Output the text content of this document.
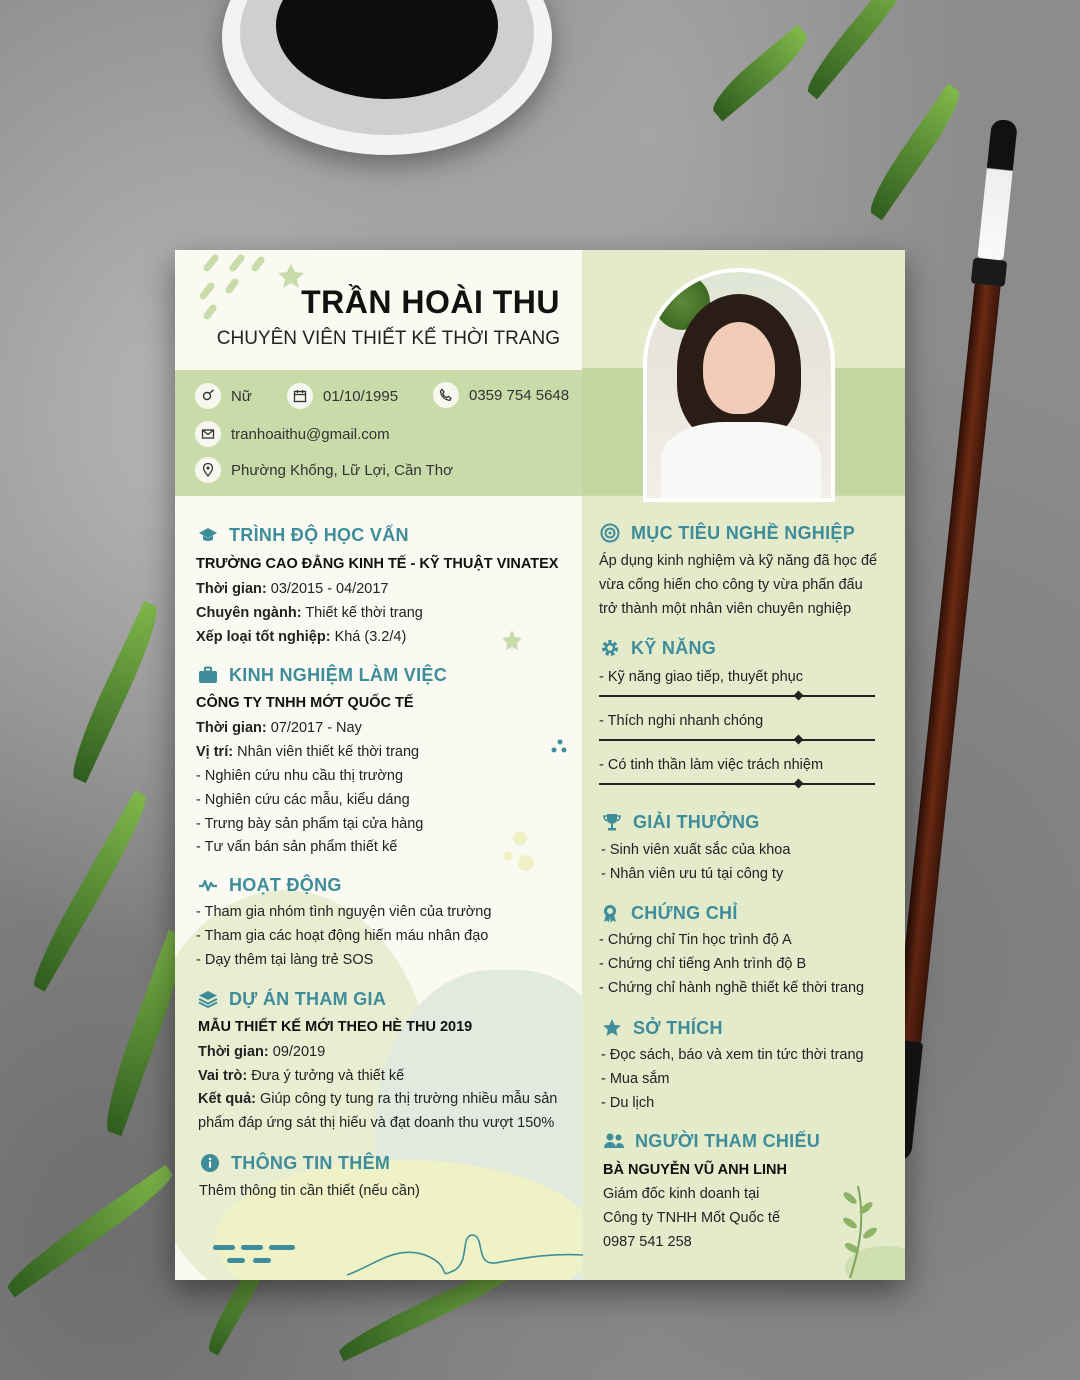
TRẦN HOÀI THU
CHUYÊN VIÊN THIẾT KẾ THỜI TRANG
Nữ	01/10/1995	0359 754 5648
tranhoaithu@gmail.com
Phường Khống, Lữ Lợi, Cần Thơ
TRÌNH ĐỘ HỌC VẤN
TRƯỜNG CAO ĐẲNG KINH TẾ - KỸ THUẬT VINATEX
Thời gian: 03/2015 - 04/2017
Chuyên ngành: Thiết kế thời trang
Xếp loại tốt nghiệp: Khá (3.2/4)
KINH NGHIỆM LÀM VIỆC
CÔNG TY TNHH MỚT QUỐC TẾ
Thời gian: 07/2017 - Nay
Vị trí: Nhân viên thiết kế thời trang
- Nghiên cứu nhu cầu thị trường
- Nghiên cứu các mẫu, kiểu dáng
- Trưng bày sản phẩm tại cửa hàng
- Tư vấn bán sản phẩm thiết kế
HOẠT ĐỘNG
- Tham gia nhóm tình nguyện viên của trường
- Tham gia các hoạt động hiến máu nhân đạo
- Dạy thêm tại làng trẻ SOS
DỰ ÁN THAM GIA
MẪU THIẾT KẾ MỚI THEO HÈ THU 2019
Thời gian: 09/2019
Vai trò: Đưa ý tưởng và thiết kế
Kết quả: Giúp công ty tung ra thị trường nhiều mẫu sản
phẩm đáp ứng sát thị hiếu và đạt doanh thu vượt 150%
THÔNG TIN THÊM
Thêm thông tin cần thiết (nếu cần)
MỤC TIÊU NGHỀ NGHIỆP
Áp dụng kinh nghiệm và kỹ năng đã học để
vừa cống hiến cho công ty vừa phấn đấu
trở thành một nhân viên chuyên nghiệp
KỸ NĂNG
- Kỹ năng giao tiếp, thuyết phục
- Thích nghi nhanh chóng
- Có tinh thần làm việc trách nhiệm
GIẢI THƯỞNG
- Sinh viên xuất sắc của khoa
- Nhân viên ưu tú tại công ty
CHỨNG CHỈ
- Chứng chỉ Tin học trình độ A
- Chứng chỉ tiếng Anh trình độ B
- Chứng chỉ hành nghề thiết kế thời trang
SỞ THÍCH
- Đọc sách, báo và xem tin tức thời trang
- Mua sắm
- Du lịch
NGƯỜI THAM CHIẾU
BÀ NGUYỄN VŨ ANH LINH
Giám đốc kinh doanh tại
Công ty TNHH Mốt Quốc tế
0987 541 258
